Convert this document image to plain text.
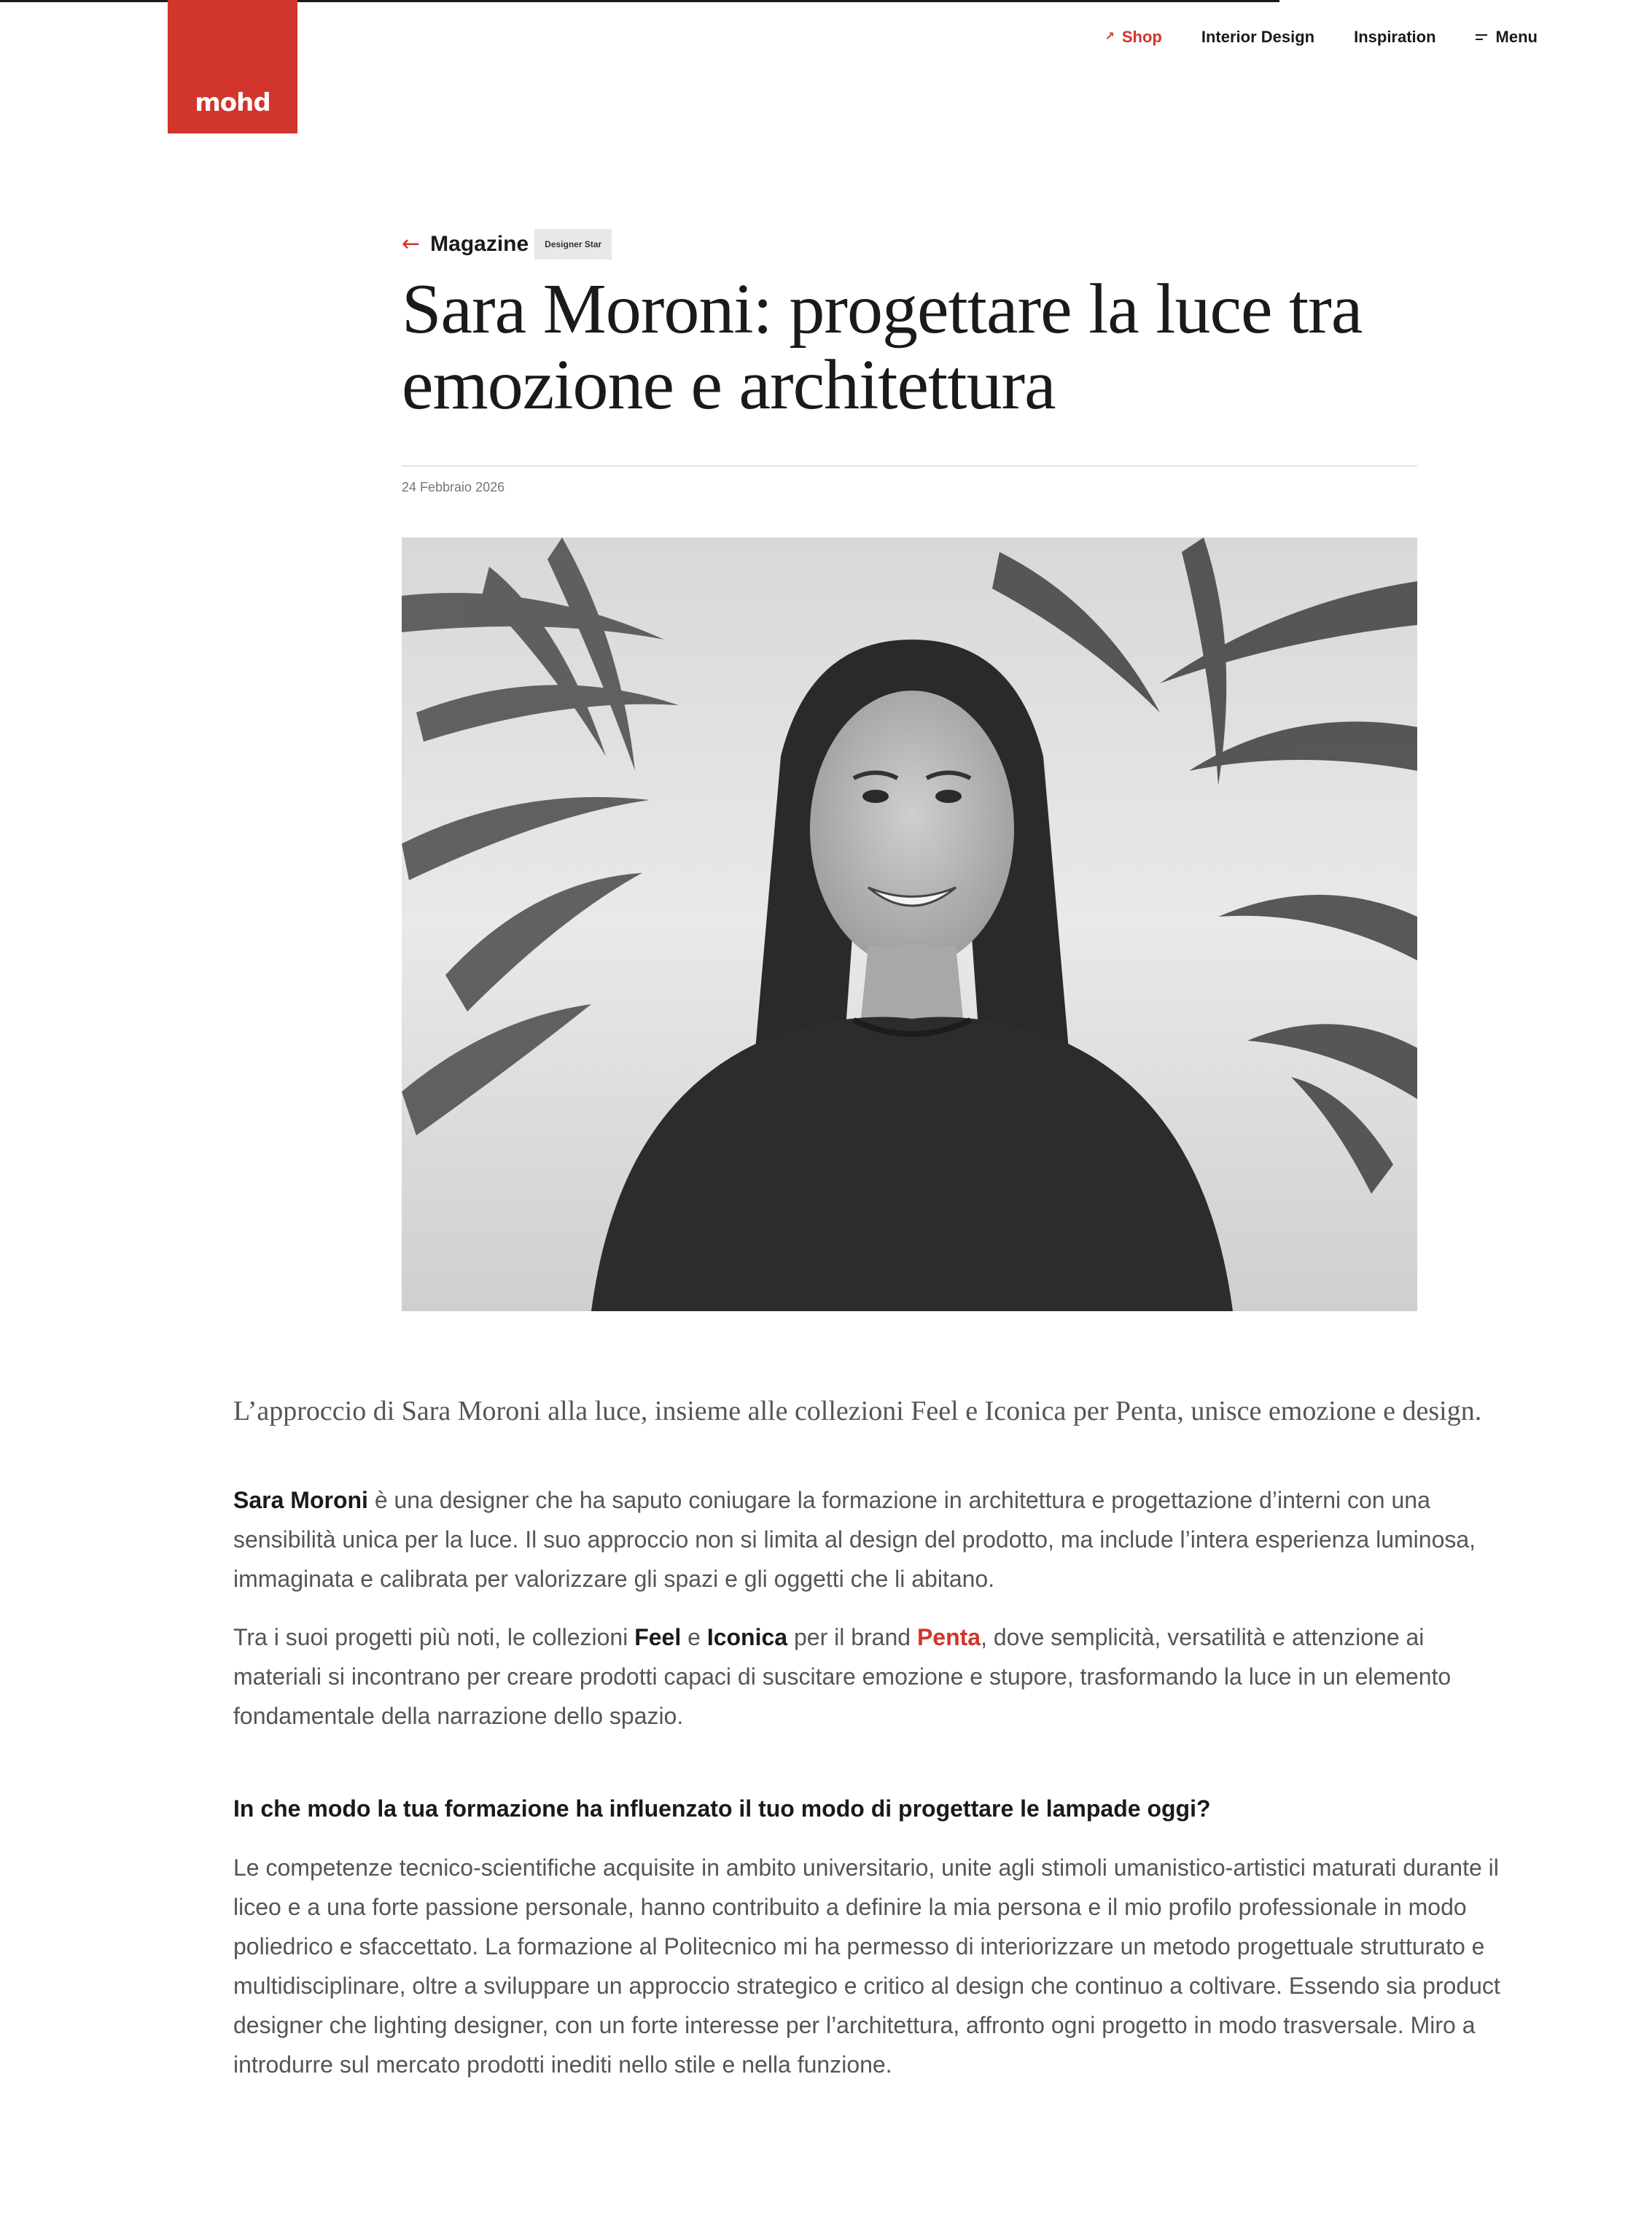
mohd
↗ Shop Interior Design Inspiration	Menu
← Magazine	Designer Star
Sara Moroni: progettare la luce tra emozione e architettura
24 Febbraio 2026

L’approccio di Sara Moroni alla luce, insieme alle collezioni Feel e Iconica per Penta, unisce emozione e design.

Sara Moroni è una designer che ha saputo coniugare la formazione in architettura e progettazione d’interni con una sensibilità unica per la luce. Il suo approccio non si limita al design del prodotto, ma include l’intera esperienza luminosa, immaginata e calibrata per valorizzare gli spazi e gli oggetti che li abitano.

Tra i suoi progetti più noti, le collezioni Feel e Iconica per il brand Penta, dove semplicità, versatilità e attenzione ai materiali si incontrano per creare prodotti capaci di suscitare emozione e stupore, trasformando la luce in un elemento fondamentale della narrazione dello spazio.

In che modo la tua formazione ha influenzato il tuo modo di progettare le lampade oggi?

Le competenze tecnico-scientifiche acquisite in ambito universitario, unite agli stimoli umanistico-artistici maturati durante il liceo e a una forte passione personale, hanno contribuito a definire la mia persona e il mio profilo professionale in modo poliedrico e sfaccettato. La formazione al Politecnico mi ha permesso di interiorizzare un metodo progettuale strutturato e multidisciplinare, oltre a sviluppare un approccio strategico e critico al design che continuo a coltivare. Essendo sia product designer che lighting designer, con un forte interesse per l’architettura, affronto ogni progetto in modo trasversale. Miro a introdurre sul mercato prodotti inediti nello stile e nella funzione.
